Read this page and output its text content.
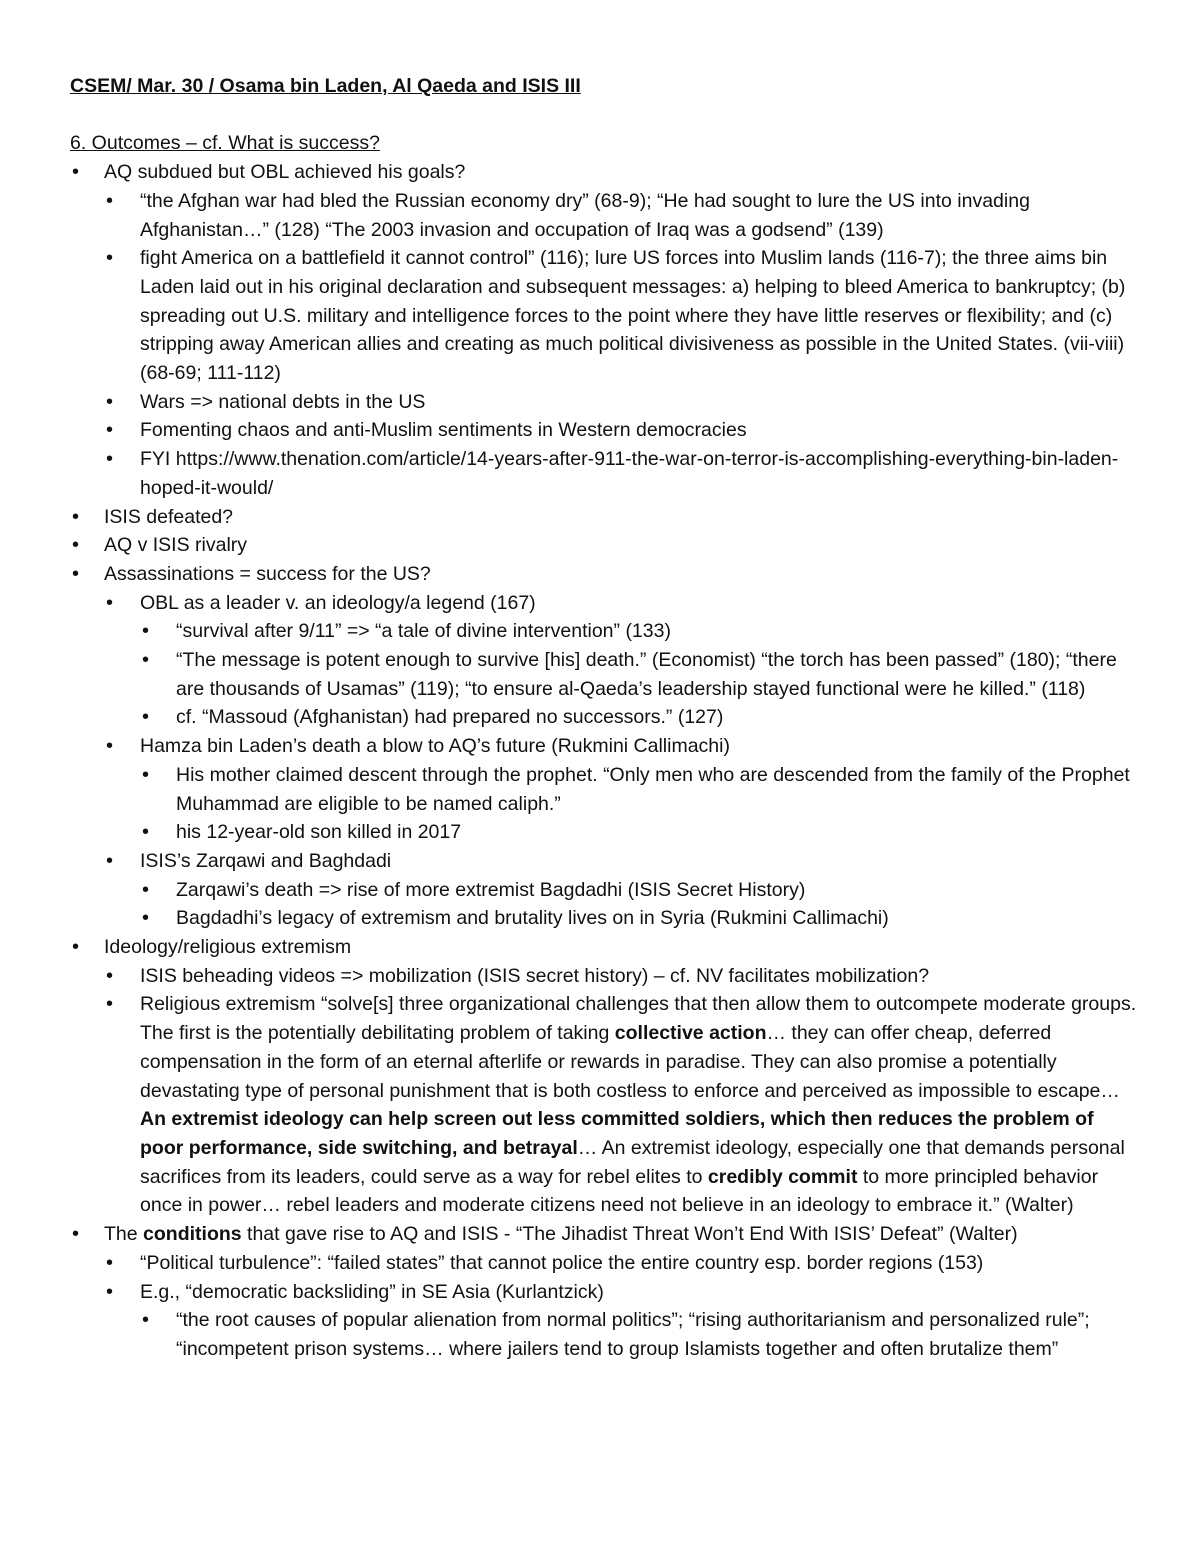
CSEM/ Mar. 30 / Osama bin Laden, Al Qaeda and ISIS III
6. Outcomes – cf. What is success?
• AQ subdued but OBL achieved his goals?
• “the Afghan war had bled the Russian economy dry” (68-9); “He had sought to lure the US into invading Afghanistan…” (128) “The 2003 invasion and occupation of Iraq was a godsend” (139)
• fight America on a battlefield it cannot control” (116); lure US forces into Muslim lands (116-7); the three aims bin Laden laid out in his original declaration and subsequent messages: a) helping to bleed America to bankruptcy; (b) spreading out U.S. military and intelligence forces to the point where they have little reserves or flexibility; and (c) stripping away American allies and creating as much political divisiveness as possible in the United States. (vii-viii) (68-69; 111-112)
• Wars => national debts in the US
• Fomenting chaos and anti-Muslim sentiments in Western democracies
• FYI https://www.thenation.com/article/14-years-after-911-the-war-on-terror-is-accomplishing-everything-bin-laden-hoped-it-would/
• ISIS defeated?
• AQ v ISIS rivalry
• Assassinations = success for the US?
• OBL as a leader v. an ideology/a legend (167)
• “survival after 9/11” => “a tale of divine intervention” (133)
• “The message is potent enough to survive [his] death.” (Economist) “the torch has been passed” (180); “there are thousands of Usamas” (119); “to ensure al-Qaeda’s leadership stayed functional were he killed.” (118)
• cf. “Massoud (Afghanistan) had prepared no successors.” (127)
• Hamza bin Laden’s death a blow to AQ’s future (Rukmini Callimachi)
• His mother claimed descent through the prophet. “Only men who are descended from the family of the Prophet Muhammad are eligible to be named caliph.”
• his 12-year-old son killed in 2017
• ISIS’s Zarqawi and Baghdadi
• Zarqawi’s death => rise of more extremist Bagdadhi (ISIS Secret History)
• Bagdadhi’s legacy of extremism and brutality lives on in Syria (Rukmini Callimachi)
• Ideology/religious extremism
• ISIS beheading videos => mobilization (ISIS secret history) – cf. NV facilitates mobilization?
• Religious extremism “solve[s] three organizational challenges that then allow them to outcompete moderate groups. The first is the potentially debilitating problem of taking collective action… they can offer cheap, deferred compensation in the form of an eternal afterlife or rewards in paradise. They can also promise a potentially devastating type of personal punishment that is both costless to enforce and perceived as impossible to escape… An extremist ideology can help screen out less committed soldiers, which then reduces the problem of poor performance, side switching, and betrayal… An extremist ideology, especially one that demands personal sacrifices from its leaders, could serve as a way for rebel elites to credibly commit to more principled behavior once in power… rebel leaders and moderate citizens need not believe in an ideology to embrace it.” (Walter)
• The conditions that gave rise to AQ and ISIS - “The Jihadist Threat Won’t End With ISIS’ Defeat” (Walter)
• “Political turbulence”: “failed states” that cannot police the entire country esp. border regions (153)
• E.g., “democratic backsliding” in SE Asia (Kurlantzick)
• “the root causes of popular alienation from normal politics”; “rising authoritarianism and personalized rule”; “incompetent prison systems… where jailers tend to group Islamists together and often brutalize them”
